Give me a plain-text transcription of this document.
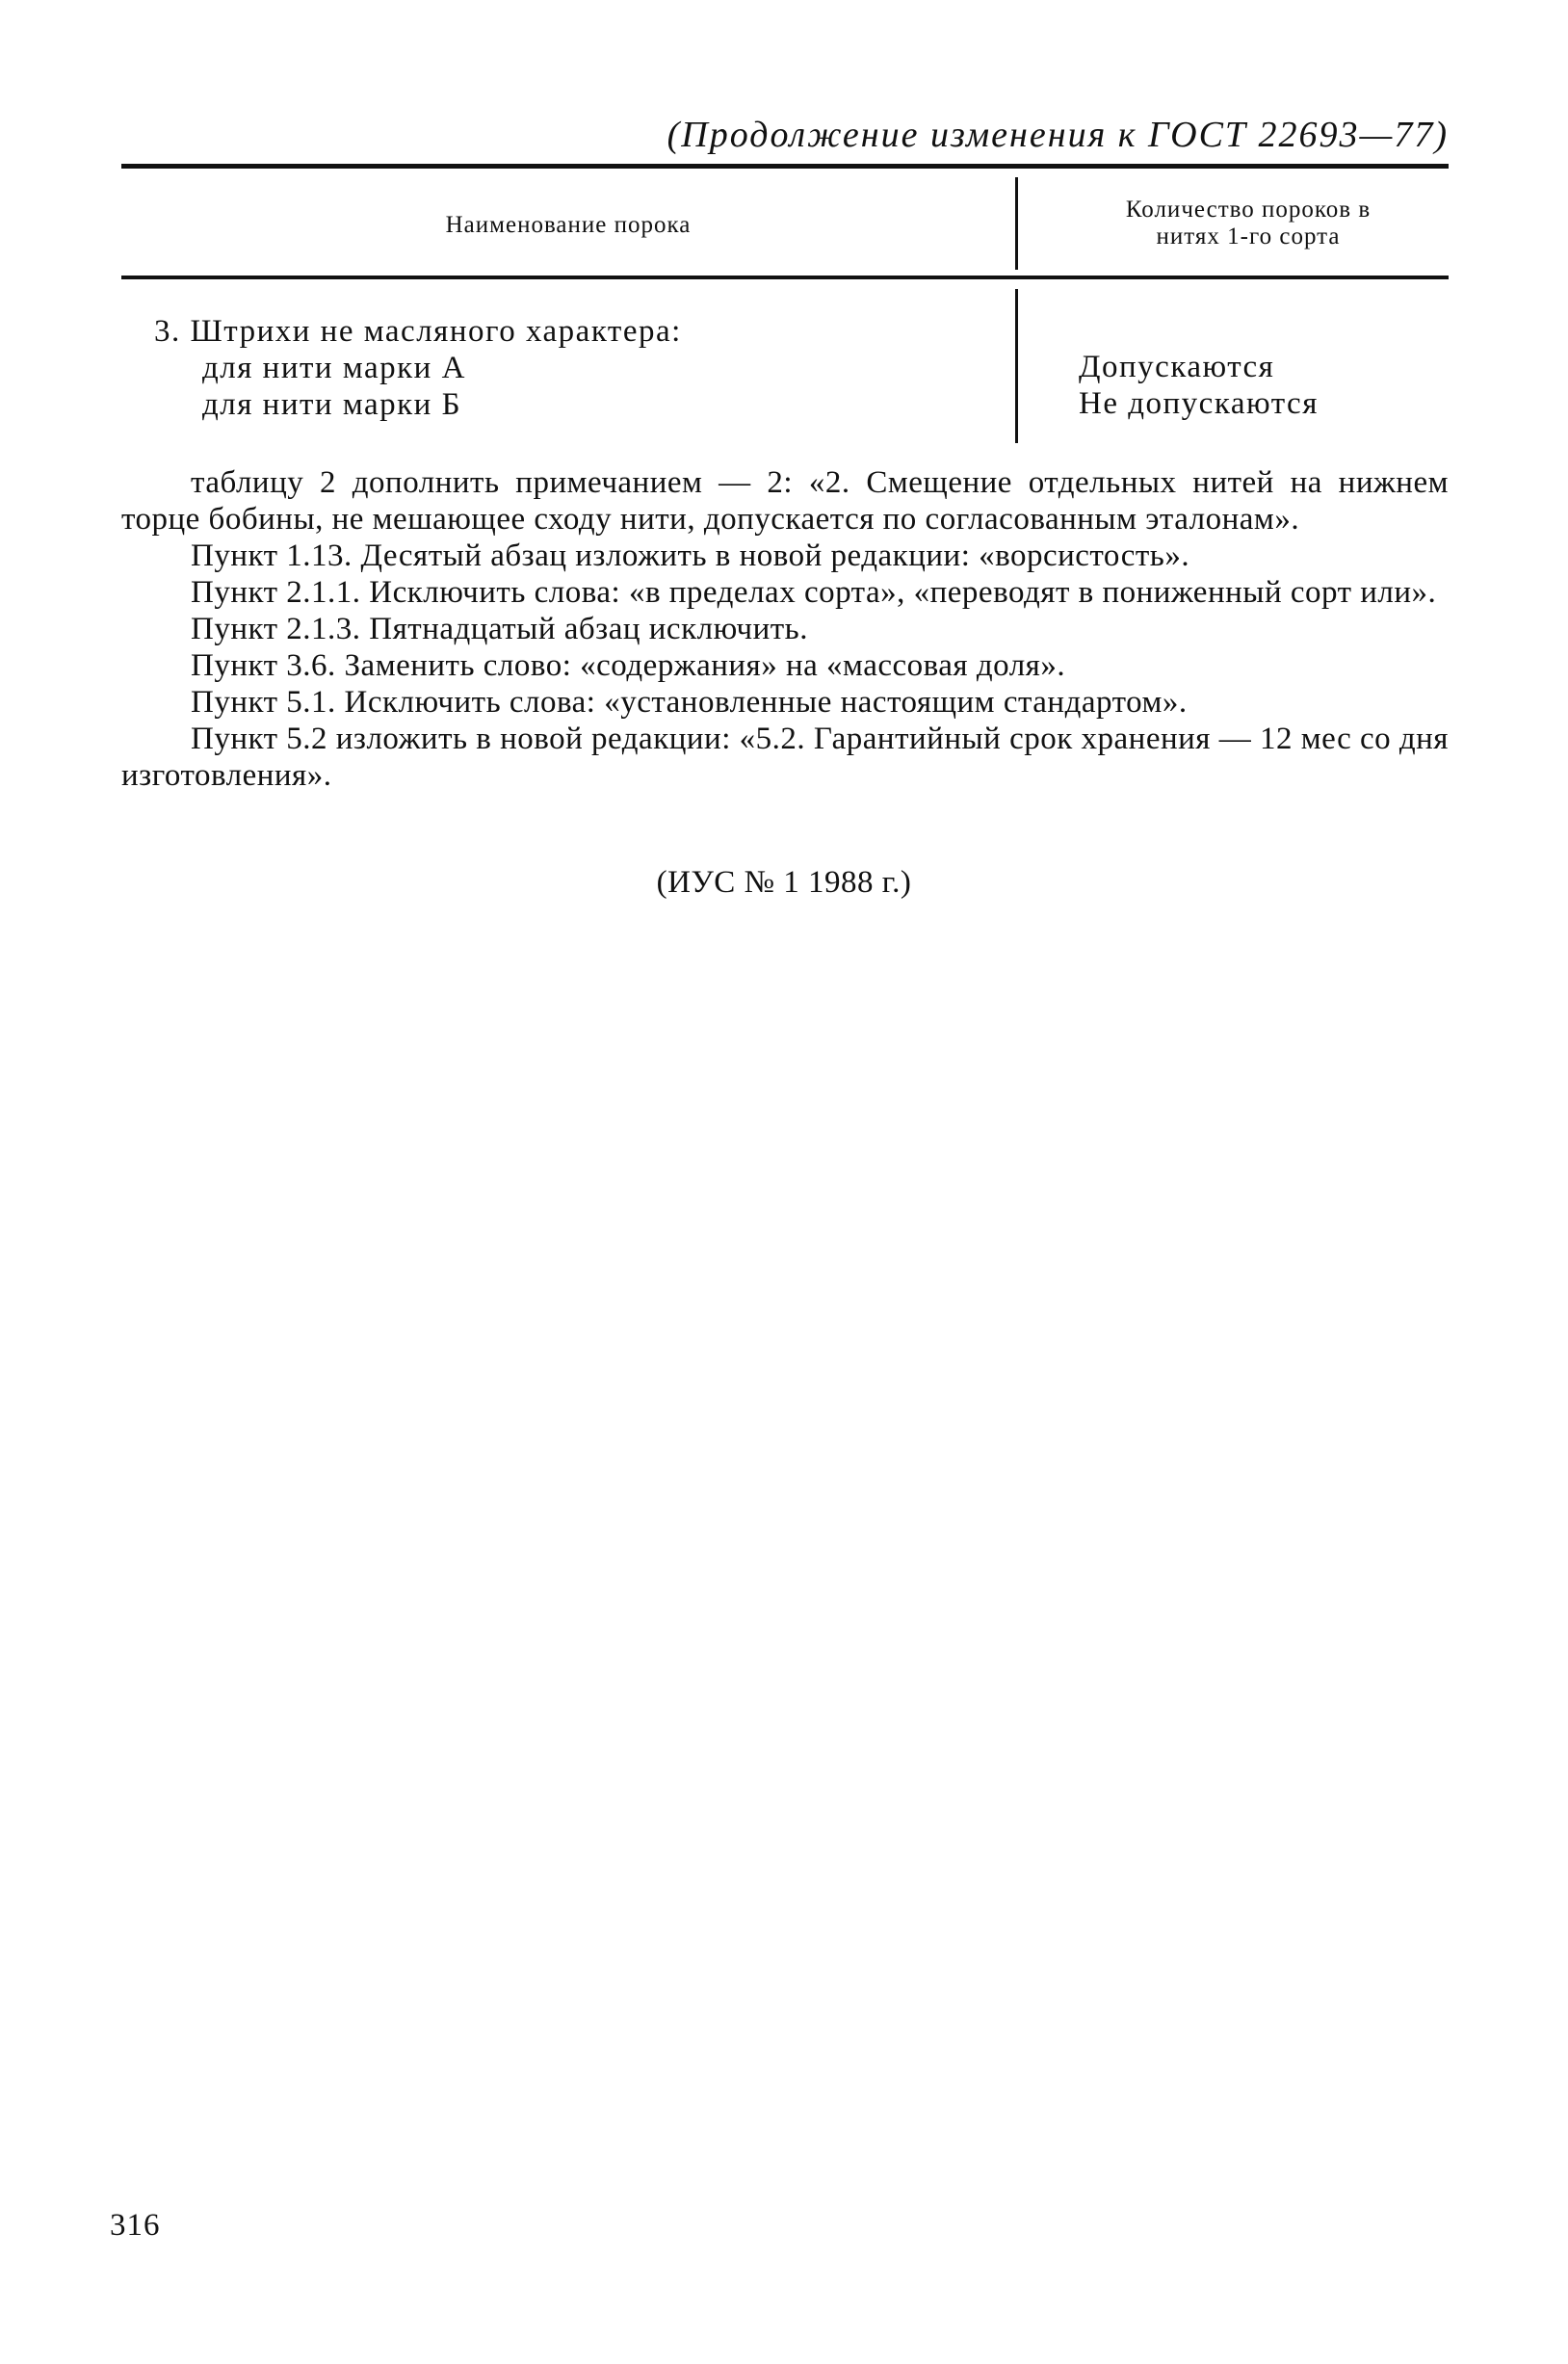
(Продолжение изменения к ГОСТ 22693—77)
Наименование порока
Количество пороков в
нитях 1-го сорта
3. Штрихи не масляного характера:
для нити марки А
для нити марки Б
Допускаются
Не допускаются

таблицу 2 дополнить примечанием — 2: «2. Смещение отдельных нитей на нижнем торце бобины, не мешающее сходу нити, допускается по согласованным эталонам».

Пункт 1.13. Десятый абзац изложить в новой редакции: «ворсистость».

Пункт 2.1.1. Исключить слова: «в пределах сорта», «переводят в пониженный сорт или».

Пункт 2.1.3. Пятнадцатый абзац исключить.

Пункт 3.6. Заменить слово: «содержания» на «массовая доля».

Пункт 5.1. Исключить слова: «установленные настоящим стандартом».

Пункт 5.2 изложить в новой редакции: «5.2. Гарантийный срок хранения — 12 мес со дня изготовления».

(ИУС № 1 1988 г.)
316
